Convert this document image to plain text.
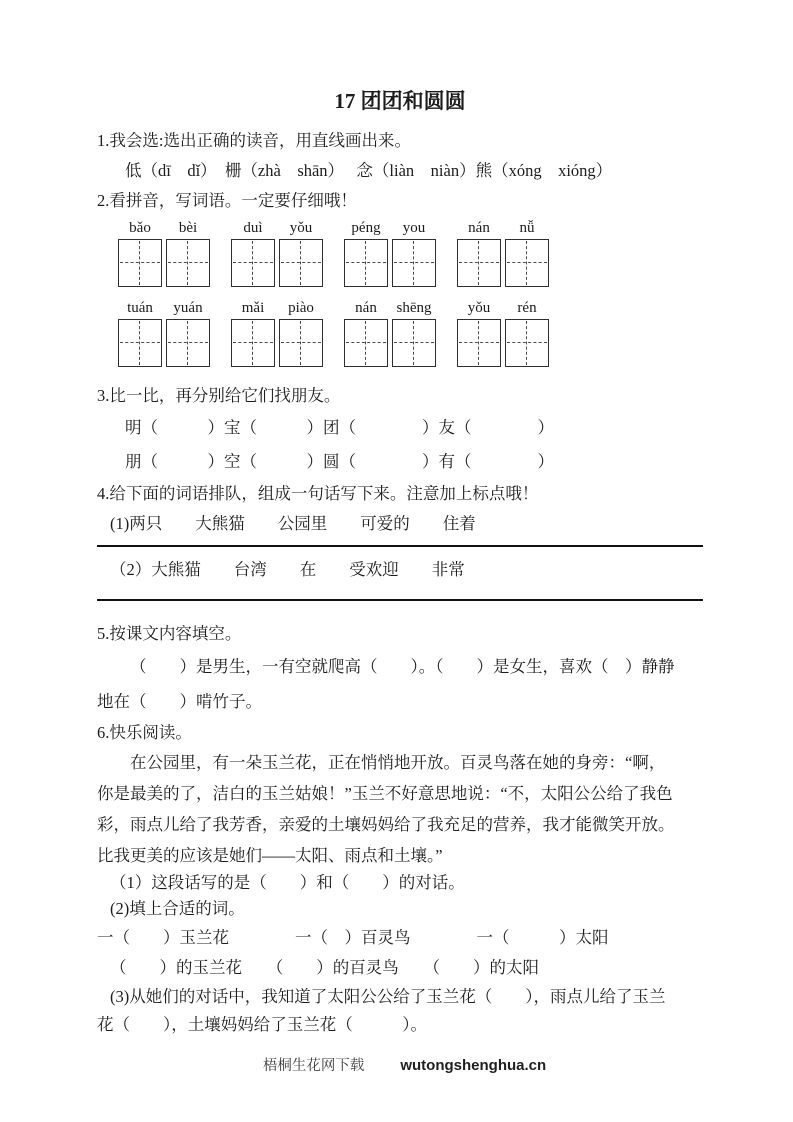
17 团团和圆圆
1.我会选:选出正确的读音，用直线画出来。
低（dī　dǐ）　栅（zhà　shān）　 念（liàn　niàn）熊（xóng　xióng）
2.看拼音，写词语。一定要仔细哦！
bǎo	bèi	duì	yǒu	péng	you	nán	nǚ
tuán	yuán	mǎi	piào	nán	shēng	yǒu	rén
3.比一比，再分别给它们找朋友。
明（　　　）宝（　　　）团（　　　　）友（　　　　）
朋（　　　）空（　　　）圆（　　　　）有（　　　　）
4.给下面的词语排队，组成一句话写下来。注意加上标点哦！
(1)两只　　大熊猫　　公园里　　可爱的　　住着
（2）大熊猫　　台湾　　在　　受欢迎　　非常
5.按课文内容填空。
（　　）是男生，一有空就爬高（　　）。（　　）是女生，喜欢（　）静静
地在（　　）啃竹子。
6.快乐阅读。
在公园里，有一朵玉兰花，正在悄悄地开放。百灵鸟落在她的身旁：“啊，
你是最美的了，洁白的玉兰姑娘！”玉兰不好意思地说：“不，太阳公公给了我色
彩，雨点儿给了我芳香，亲爱的土壤妈妈给了我充足的营养，我才能微笑开放。
比我更美的应该是她们——太阳、雨点和土壤。”
（1）这段话写的是（　　）和（　　）的对话。
(2)填上合适的词。
一（　　）玉兰花　　　　一（　）百灵鸟　　　　一（　　　）太阳
（　　）的玉兰花　　（　　）的百灵鸟　　（　　）的太阳
(3)从她们的对话中，我知道了太阳公公给了玉兰花（　　），雨点儿给了玉兰
花（　　），土壤妈妈给了玉兰花（　　　）。

梧桐生花网下载 wutongshenghua.cn
